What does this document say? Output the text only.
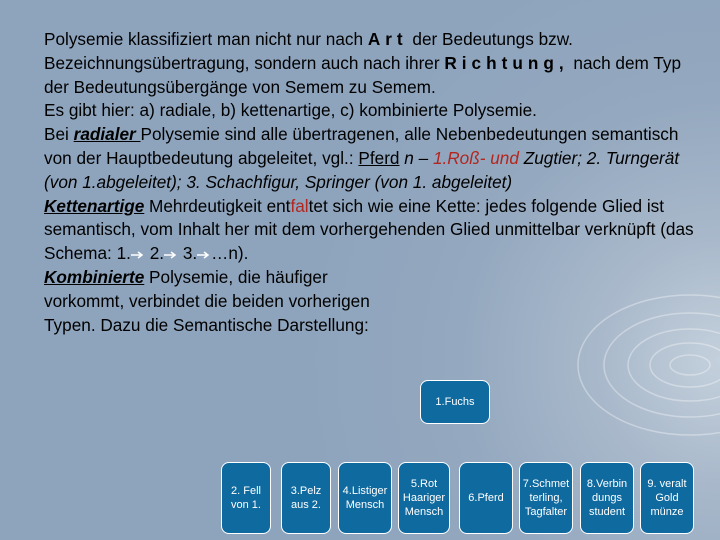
Polysemie klassifiziert man nicht nur nach Art der Bedeutungs bzw. Bezeichnungsübertragung, sondern auch nach ihrer Richtung, nach dem Typ der Bedeutungsübergänge von Semem zu Semem.

Es gibt hier: a) radiale, b) kettenartige, c) kombinierte Polysemie.

Bei radialer Polysemie sind alle übertragenen, alle Nebenbedeutungen semantisch von der Hauptbedeutung abgeleitet, vgl.: Pferd n – 1.Roß- und Zugtier; 2. Turngerät (von 1.abgeleitet); 3. Schachfigur, Springer (von 1. abgeleitet)

Kettenartige Mehrdeutigkeit entfaltet sich wie eine Kette: jedes folgende Glied ist semantisch, vom Inhalt her mit dem vorhergehenden Glied unmittelbar verknüpft (das Schema: 1. 2. 3. …n).

Kombinierte Polysemie, die häufiger vorkommt, verbindet die beiden vorherigen Typen. Dazu die Semantische Darstellung:

1.Fuchs
2. Fell von 1.
3.Pelz aus 2.
4.Listiger Mensch
5.Rot Haariger Mensch
6.Pferd
7.Schmet terling, Tagfalter
8.Verbin dungs student
9. veralt Gold münze
